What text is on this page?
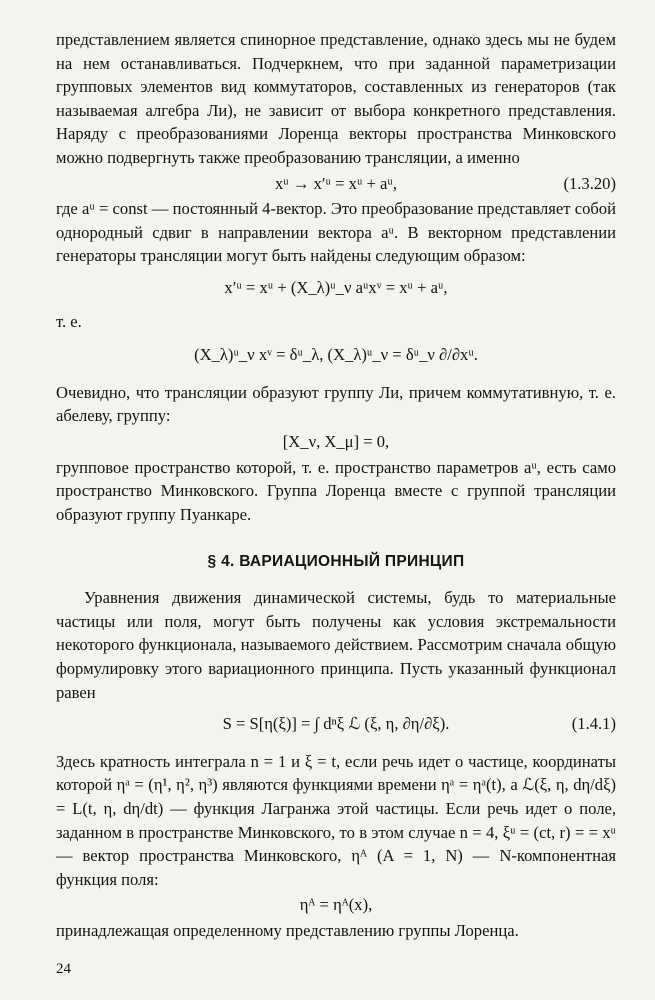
представлением является спинорное представление, однако здесь мы не будем на нем останавливаться. Подчеркнем, что при заданной параметризации групповых элементов вид коммутаторов, составленных из генераторов (так называемая алгебра Ли), не зависит от выбора конкретного представления. Наряду с преобразованиями Лоренца векторы пространства Минковского можно подвергнуть также преобразованию трансляции, а именно

xᵘ → x′ᵘ = xᵘ + aᵘ,	(1.3.20)

где aᵘ = const — постоянный 4-вектор. Это преобразование представляет собой однородный сдвиг в направлении вектора aᵘ. В векторном представлении генераторы трансляции могут быть найдены следующим образом:

x′ᵘ = xᵘ + (X_λ)ᵘ_ν aᵘxᵛ = xᵘ + aᵘ,

т. е.

(X_λ)ᵘ_ν xᵛ = δᵘ_λ, (X_λ)ᵘ_ν = δᵘ_ν ∂/∂xᵘ.

Очевидно, что трансляции образуют группу Ли, причем коммутативную, т. е. абелеву, группу:

[X_ν, X_μ] = 0,

групповое пространство которой, т. е. пространство параметров aᵘ, есть само пространство Минковского. Группа Лоренца вместе с группой трансляции образуют группу Пуанкаре.

§ 4. ВАРИАЦИОННЫЙ ПРИНЦИП

Уравнения движения динамической системы, будь то материальные частицы или поля, могут быть получены как условия экстремальности некоторого функционала, называемого действием. Рассмотрим сначала общую формулировку этого вариационного принципа. Пусть указанный функционал равен

S = S[η(ξ)] = ∫ dⁿξ ℒ (ξ, η, ∂η/∂ξ).	(1.4.1)

Здесь кратность интеграла n = 1 и ξ = t, если речь идет о частице, координаты которой ηᵃ = (η¹, η², η³) являются функциями времени ηᵃ = ηᵃ(t), а ℒ(ξ, η, dη/dξ) = L(t, η, dη/dt) — функция Лагранжа этой частицы. Если речь идет о поле, заданном в пространстве Минковского, то в этом случае n = 4, ξᵘ = (ct, r) = = xᵘ — вектор пространства Минковского, ηᴬ (A = 1, N) — N-компонентная функция поля:

ηᴬ = ηᴬ(x),

принадлежащая определенному представлению группы Лоренца.

24
